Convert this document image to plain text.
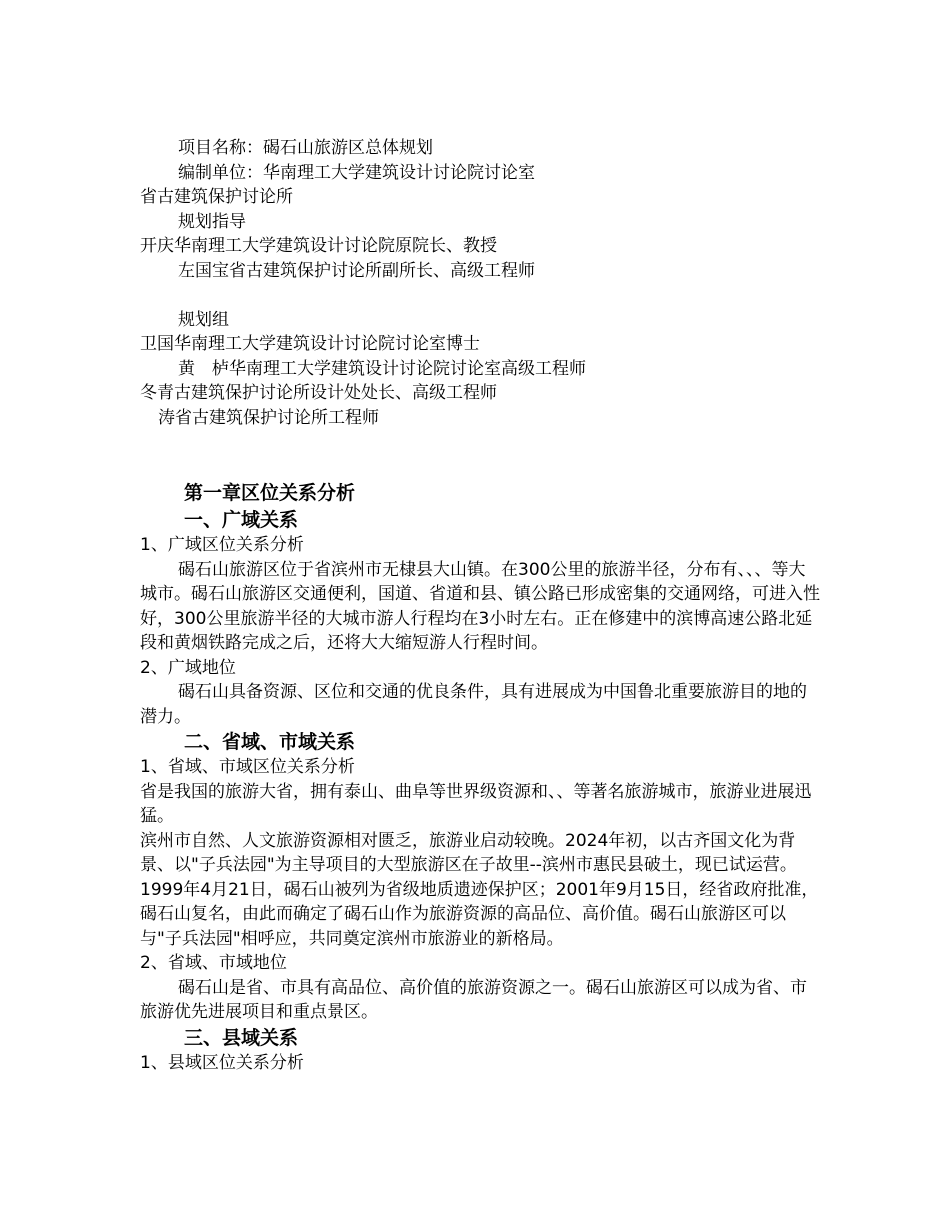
项目名称：碣石山旅游区总体规划

编制单位：华南理工大学建筑设计讨论院讨论室

省古建筑保护讨论所

规划指导

开庆华南理工大学建筑设计讨论院原院长、教授

左国宝省古建筑保护讨论所副所长、高级工程师

规划组

卫国华南理工大学建筑设计讨论院讨论室博士

黄　栌华南理工大学建筑设计讨论院讨论室高级工程师

冬青古建筑保护讨论所设计处处长、高级工程师

涛省古建筑保护讨论所工程师

第一章区位关系分析
一、广域关系

1、广域区位关系分析

碣石山旅游区位于省滨州市无棣县大山镇。在300公里的旅游半径，分布有、、、等大城市。碣石山旅游区交通便利，国道、省道和县、镇公路已形成密集的交通网络，可进入性好，300公里旅游半径的大城市游人行程均在3小时左右。正在修建中的滨博高速公路北延段和黄烟铁路完成之后，还将大大缩短游人行程时间。

2、广域地位

碣石山具备资源、区位和交通的优良条件，具有进展成为中国鲁北重要旅游目的地的潜力。

二、省域、市域关系

1、省域、市域区位关系分析

省是我国的旅游大省，拥有泰山、曲阜等世界级资源和、、等著名旅游城市，旅游业进展迅猛。

滨州市自然、人文旅游资源相对匮乏，旅游业启动较晚。2024年初，以古齐国文化为背景、以"子兵法园"为主导项目的大型旅游区在子故里--滨州市惠民县破土，现已试运营。1999年4月21日，碣石山被列为省级地质遗迹保护区；2001年9月15日，经省政府批准，碣石山复名，由此而确定了碣石山作为旅游资源的高品位、高价值。碣石山旅游区可以与"子兵法园"相呼应，共同奠定滨州市旅游业的新格局。

2、省域、市域地位

碣石山是省、市具有高品位、高价值的旅游资源之一。碣石山旅游区可以成为省、市旅游优先进展项目和重点景区。

三、县域关系

1、县域区位关系分析
